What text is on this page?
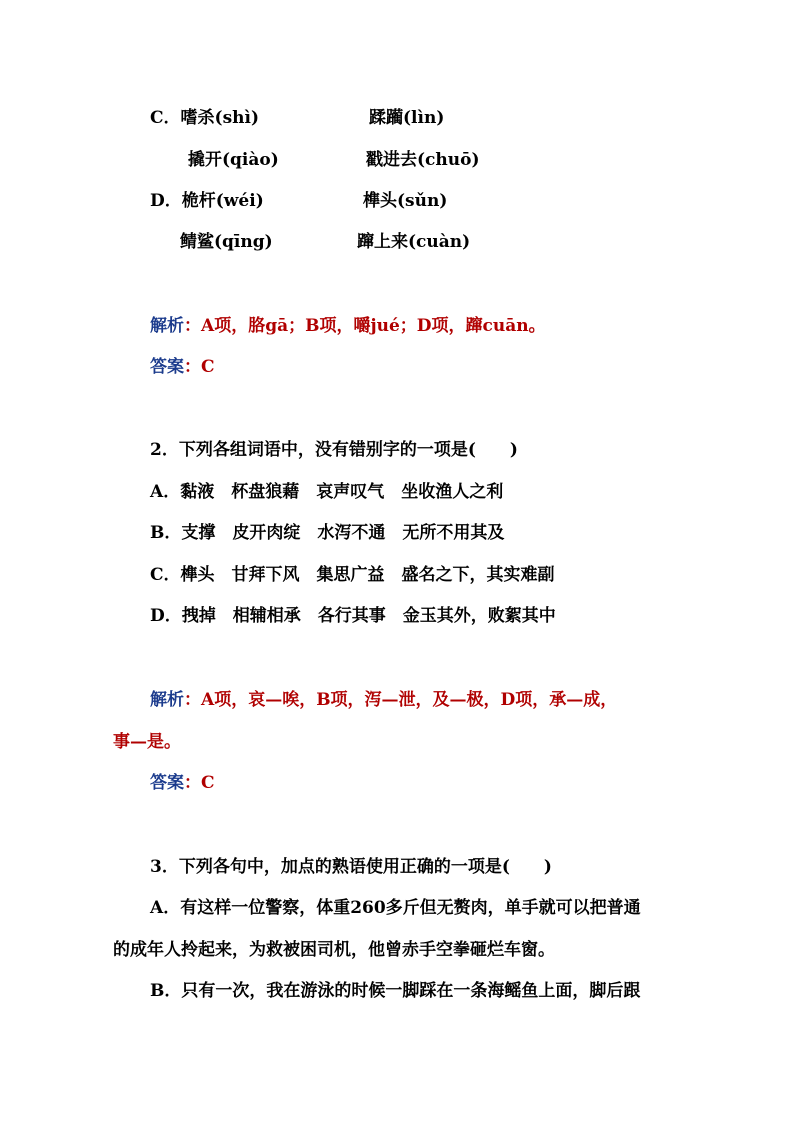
C．嗜杀(shì)	蹂躏(lìn)
撬开(qiào)	戳进去(chuō)
D．桅杆(wéi)	榫头(sǔn)
鲭鲨(qīng)	蹿上来(cuàn)
解析：A项，胳gā；B项，嚼jué；D项，蹿cuān。
答案：C
2．下列各组词语中，没有错别字的一项是(　　)
A．黏液　杯盘狼藉　哀声叹气　坐收渔人之利
B．支撑　皮开肉绽　水泻不通　无所不用其及
C．榫头　甘拜下风　集思广益　盛名之下，其实难副
D．拽掉　相辅相承　各行其事　金玉其外，败絮其中
解析：A项，哀—唉，B项，泻—泄，及—极，D项，承—成，
事—是。
答案：C
3．下列各句中，加点的熟语使用正确的一项是(　　)
A．有这样一位警察，体重260多斤但无赘肉，单手就可以把普通
的成年人拎起来，为救被困司机，他曾赤手空拳砸烂车窗。
B．只有一次，我在游泳的时候一脚踩在一条海鳐鱼上面，脚后跟
